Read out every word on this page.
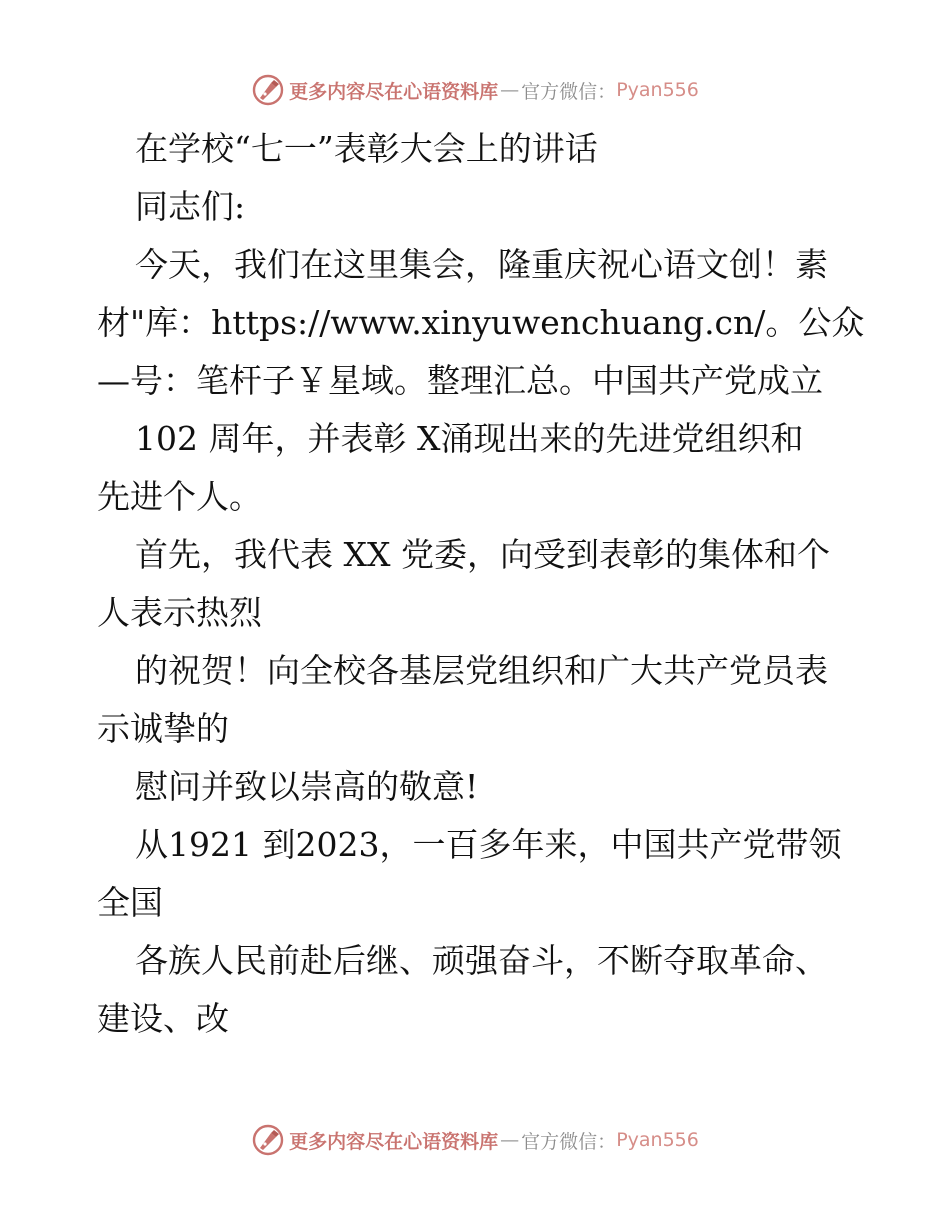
更多内容尽在心语资料库 — 官方微信： Pyan556

在学校“七一”表彰大会上的讲话

同志们:

今天，我们在这里集会，隆重庆祝心语文创！素

材"库：https://www.xinyuwenchuang.cn/。公众

—号：笔杆子￥星域。整理汇总。中国共产党成立

102 周年，并表彰 X涌现出来的先进党组织和

先进个人。

首先，我代表 XX 党委，向受到表彰的集体和个

人表示热烈

的祝贺！向全校各基层党组织和广大共产党员表

示诚挚的

慰问并致以崇高的敬意!

从1921 到2023，一百多年来，中国共产党带领

全国

各族人民前赴后继、顽强奋斗，不断夺取革命、

建设、改

更多内容尽在心语资料库 — 官方微信： Pyan556
